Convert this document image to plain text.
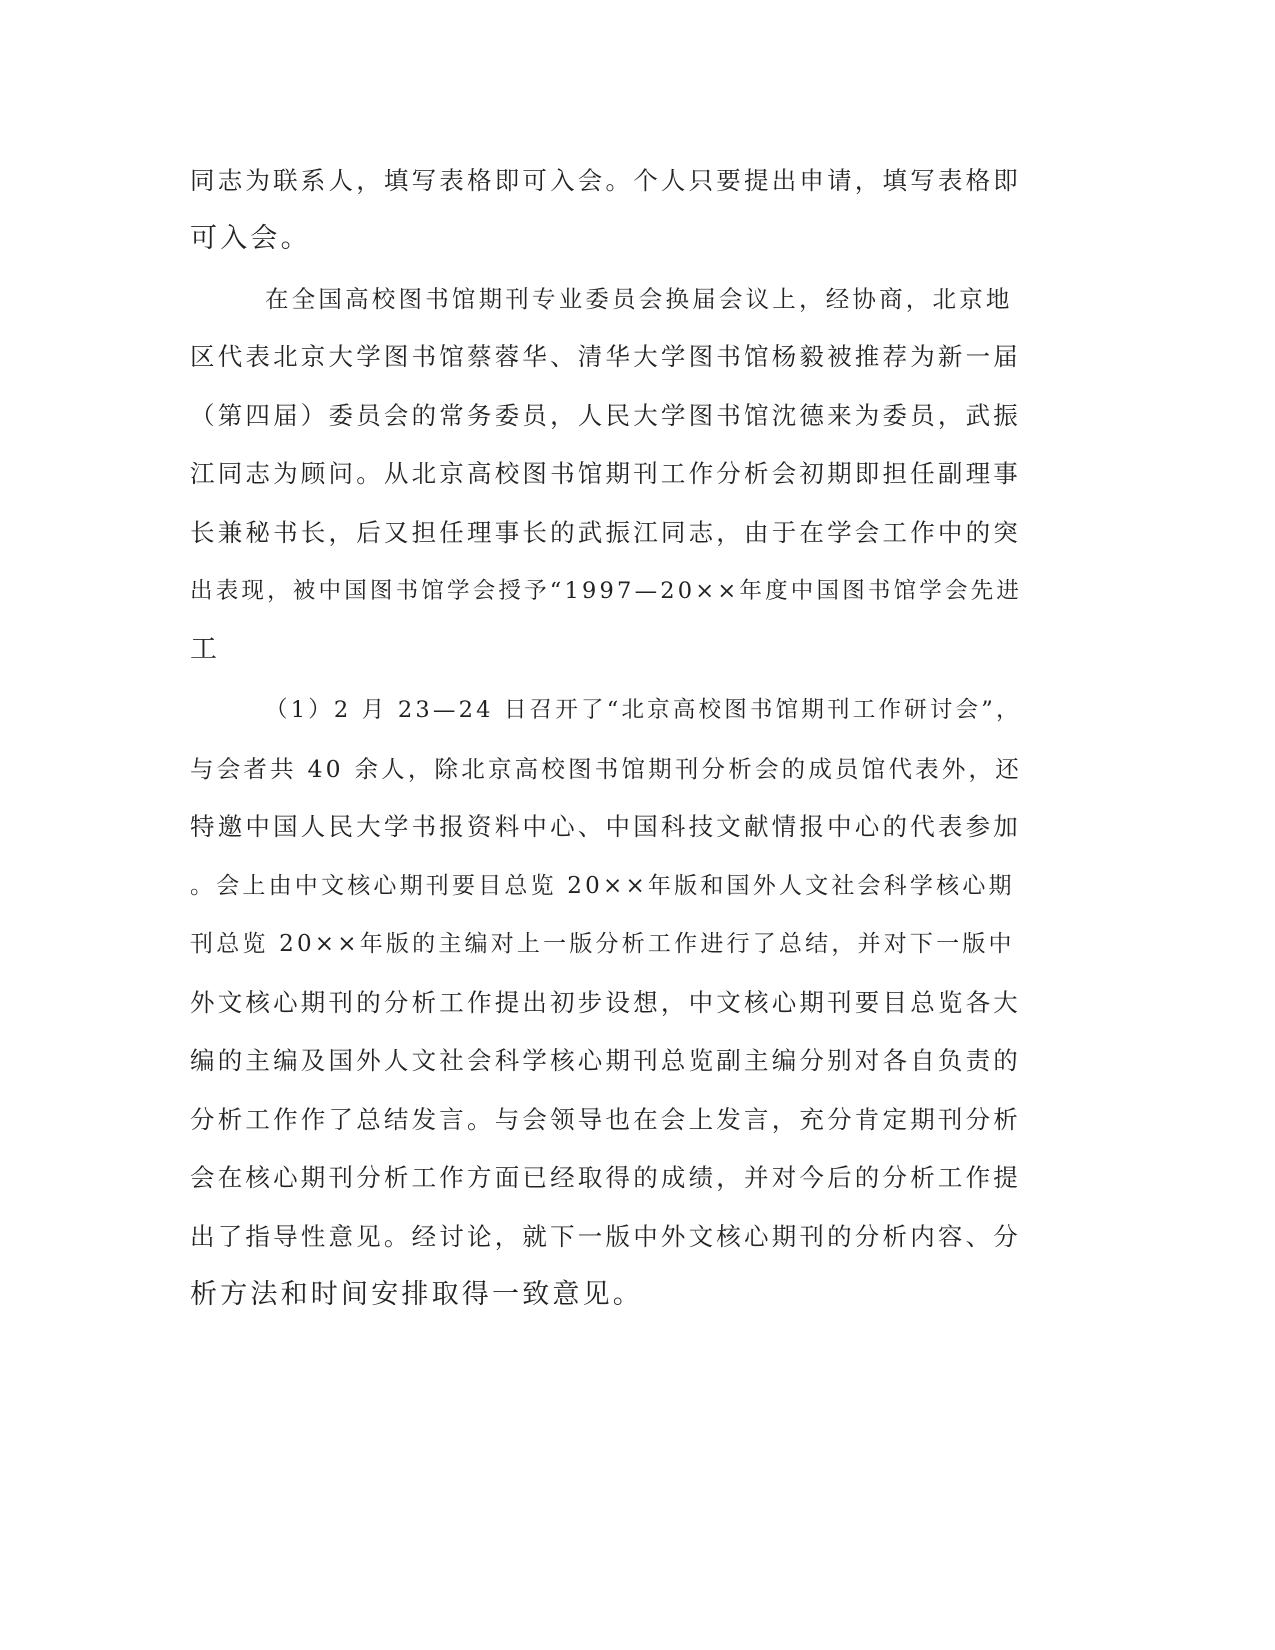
同志为联系人，填写表格即可入会。个人只要提出申请，填写表格即
可入会。
在全国高校图书馆期刊专业委员会换届会议上，经协商，北京地
区代表北京大学图书馆蔡蓉华、清华大学图书馆杨毅被推荐为新一届
（第四届）委员会的常务委员，人民大学图书馆沈德来为委员，武振
江同志为顾问。从北京高校图书馆期刊工作分析会初期即担任副理事
长兼秘书长，后又担任理事长的武振江同志，由于在学会工作中的突
出表现，被中国图书馆学会授予“1997—20××年度中国图书馆学会先进
工
（1）2 月 23—24 日召开了“北京高校图书馆期刊工作研讨会”，
与会者共 40 余人，除北京高校图书馆期刊分析会的成员馆代表外，还
特邀中国人民大学书报资料中心、中国科技文献情报中心的代表参加
。会上由中文核心期刊要目总览 20××年版和国外人文社会科学核心期
刊总览 20××年版的主编对上一版分析工作进行了总结，并对下一版中
外文核心期刊的分析工作提出初步设想，中文核心期刊要目总览各大
编的主编及国外人文社会科学核心期刊总览副主编分别对各自负责的
分析工作作了总结发言。与会领导也在会上发言，充分肯定期刊分析
会在核心期刊分析工作方面已经取得的成绩，并对今后的分析工作提
出了指导性意见。经讨论，就下一版中外文核心期刊的分析内容、分
析方法和时间安排取得一致意见。
